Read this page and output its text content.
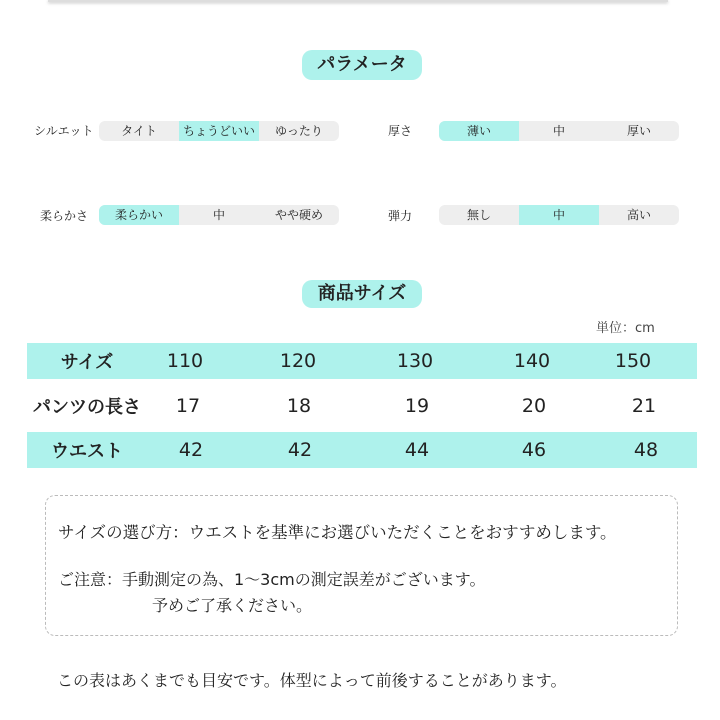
パラメータ
シルエット	タイト	ちょうどいい	ゆったり	厚さ	薄い	中	厚い
柔らかさ	柔らかい	中	やや硬め	弾力	無し	中	高い
商品サイズ
単位：cm
サイズ	110	120	130	140	150
パンツの長さ	17	18	19	20	21
ウエスト	42	42	44	46	48
サイズの選び方：ウエストを基準にお選びいただくことをおすすめします。
ご注意：手動測定の為、1～3cmの測定誤差がございます。
予めご了承ください。
この表はあくまでも目安です。体型によって前後することがあります。
